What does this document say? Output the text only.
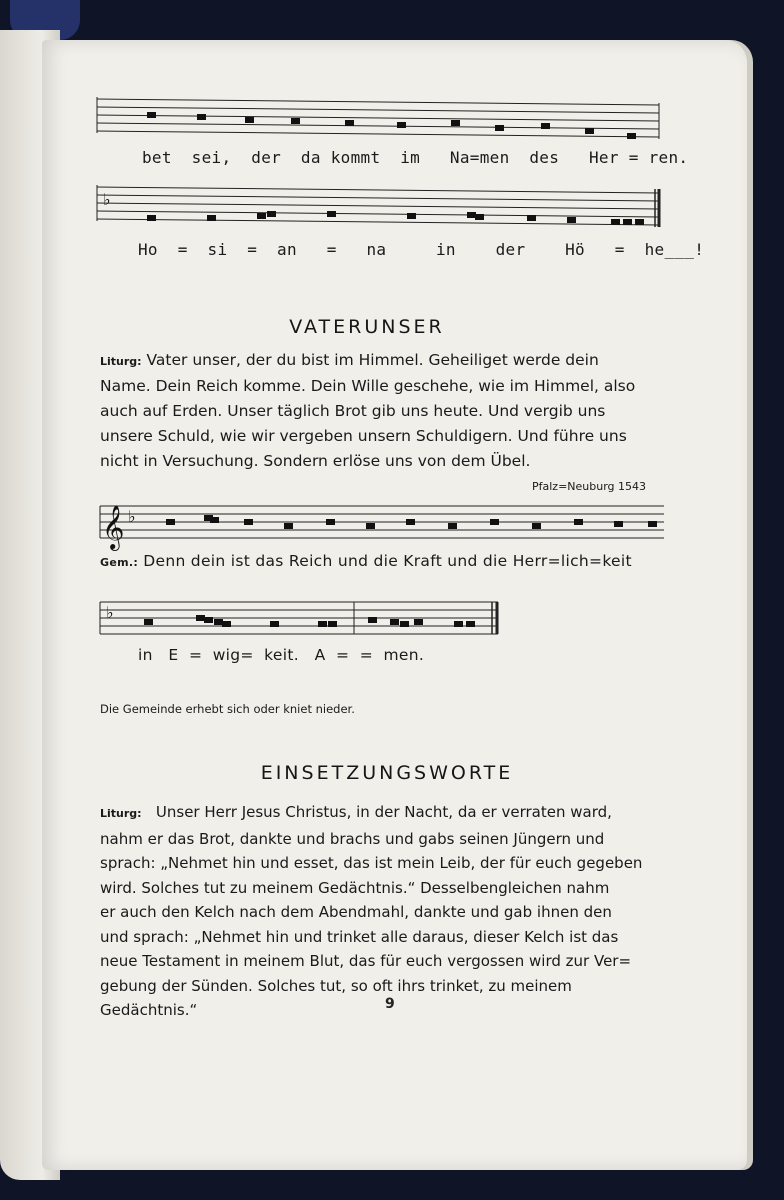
bet  sei,  der  da kommt  im   Na=men  des   Her = ren.
♭
Ho  =  si  =  an   =   na     in    der    Hö   =  he___!
VATERUNSER
Liturg: Vater unser, der du bist im Himmel. Geheiliget werde dein
Name. Dein Reich komme. Dein Wille geschehe, wie im Himmel, also
auch auf Erden. Unser täglich Brot gib uns heute. Und vergib uns
unsere Schuld, wie wir vergeben unsern Schuldigern. Und führe uns
nicht in Versuchung. Sondern erlöse uns von dem Übel.
Pfalz=Neuburg 1543
𝄞 ♭
Gem.: Denn dein ist das Reich und die Kraft und die Herr=lich=keit
♭
in   E  =  wig=  keit.   A  =  =  men.
Die Gemeinde erhebt sich oder kniet nieder.
EINSETZUNGSWORTE
Liturg: Unser Herr Jesus Christus, in der Nacht, da er verraten ward,
nahm er das Brot, dankte und brachs und gabs seinen Jüngern und
sprach: „Nehmet hin und esset, das ist mein Leib, der für euch gegeben
wird. Solches tut zu meinem Gedächtnis.“ Desselbengleichen nahm
er auch den Kelch nach dem Abendmahl, dankte und gab ihnen den
und sprach: „Nehmet hin und trinket alle daraus, dieser Kelch ist das
neue Testament in meinem Blut, das für euch vergossen wird zur Ver=
gebung der Sünden. Solches tut, so oft ihrs trinket, zu meinem
Gedächtnis.“	9
